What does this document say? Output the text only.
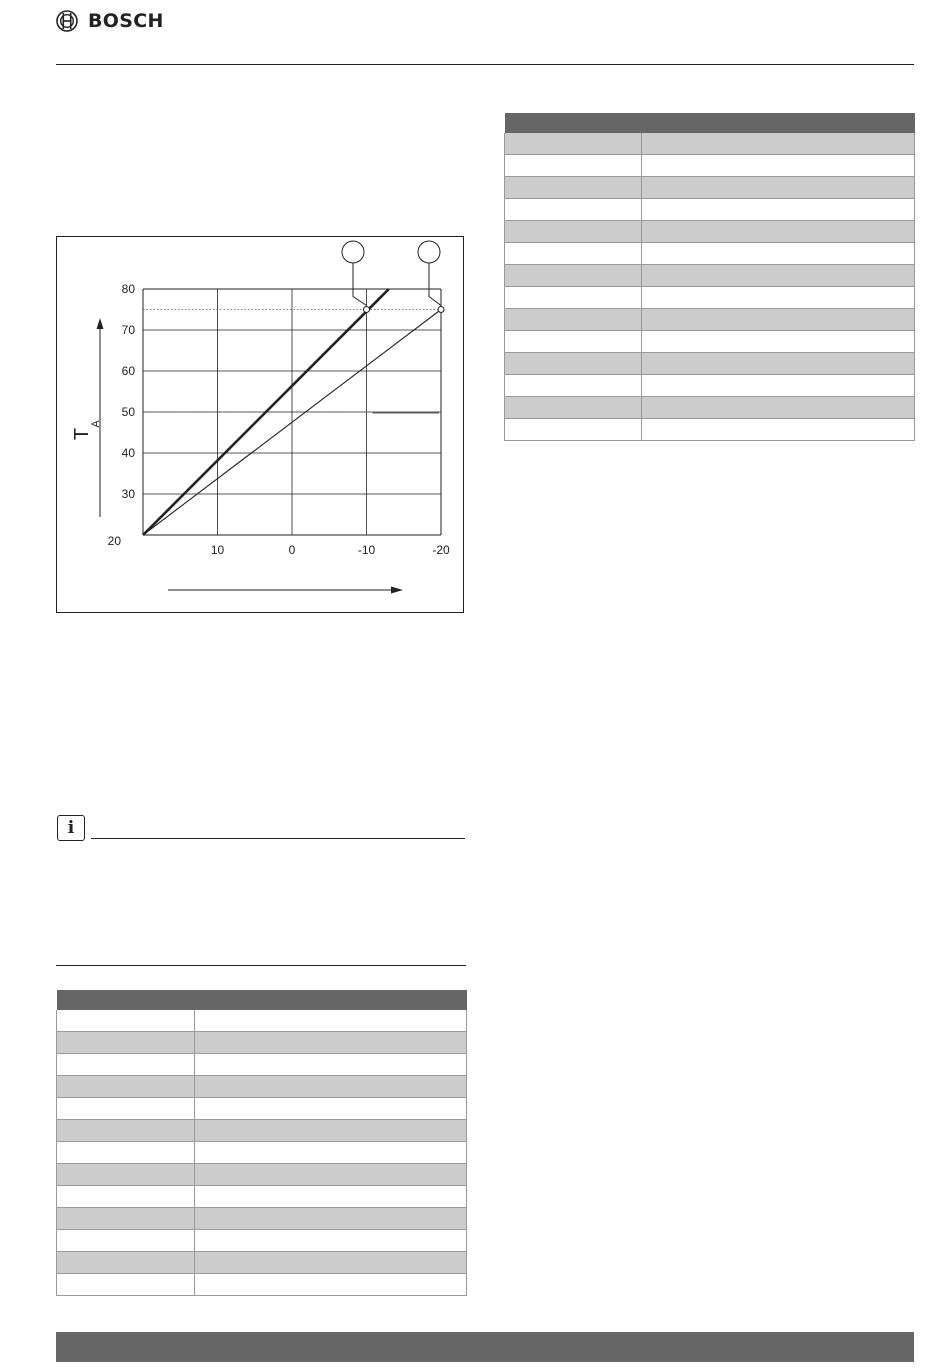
BOSCH
80
70
60
50
40
30
20
10	0	-10	-20
T
A
i
